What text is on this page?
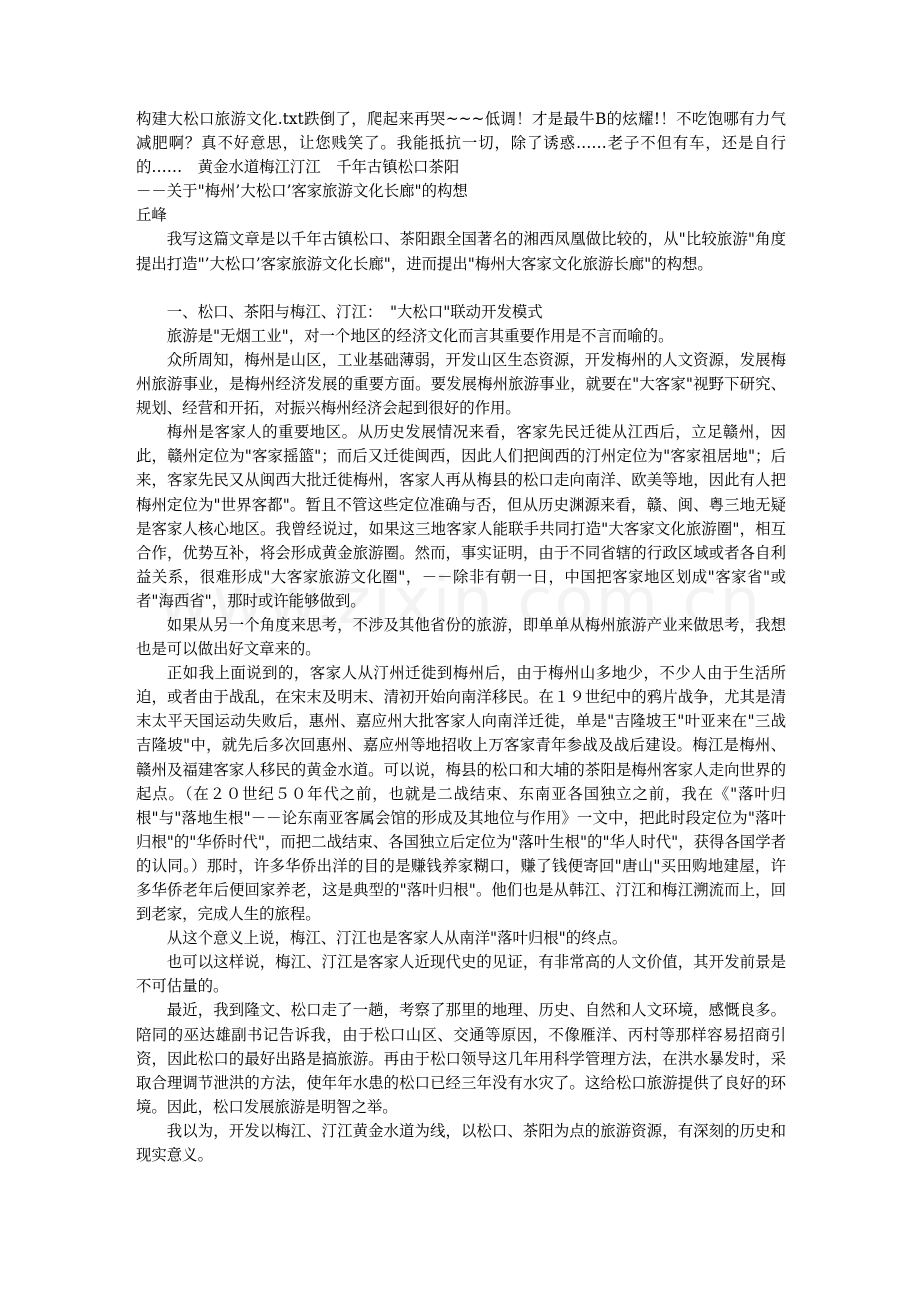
构建大松口旅游文化.txt跌倒了，爬起来再哭~~~低调！才是最牛B的炫耀!！不吃饱哪有力气减肥啊？真不好意思，让您贱笑了。我能抵抗一切，除了诱惑……老子不但有车，还是自行的……　黄金水道梅江汀江　千年古镇松口茶阳

－－关于"梅州’大松口’客家旅游文化长廊"的构想

丘峰

我写这篇文章是以千年古镇松口、茶阳跟全国著名的湘西凤凰做比较的，从"比较旅游"角度提出打造"’大松口’客家旅游文化长廊"，进而提出"梅州大客家文化旅游长廊"的构想。

一、松口、茶阳与梅江、汀江：　"大松口"联动开发模式

旅游是"无烟工业"，对一个地区的经济文化而言其重要作用是不言而喻的。

众所周知，梅州是山区，工业基础薄弱，开发山区生态资源，开发梅州的人文资源，发展梅州旅游事业，是梅州经济发展的重要方面。要发展梅州旅游事业，就要在"大客家"视野下研究、规划、经营和开拓，对振兴梅州经济会起到很好的作用。

梅州是客家人的重要地区。从历史发展情况来看，客家先民迁徙从江西后，立足赣州，因此，赣州定位为"客家摇篮"；而后又迁徙闽西，因此人们把闽西的汀州定位为"客家祖居地"；后来，客家先民又从闽西大批迁徙梅州，客家人再从梅县的松口走向南洋、欧美等地，因此有人把梅州定位为"世界客都"。暂且不管这些定位准确与否，但从历史渊源来看，赣、闽、粤三地无疑是客家人核心地区。我曾经说过，如果这三地客家人能联手共同打造"大客家文化旅游圈"，相互合作，优势互补，将会形成黄金旅游圈。然而，事实证明，由于不同省辖的行政区域或者各自利益关系，很难形成"大客家旅游文化圈"，－－除非有朝一日，中国把客家地区划成"客家省"或者"海西省"，那时或许能够做到。

如果从另一个角度来思考，不涉及其他省份的旅游，即单单从梅州旅游产业来做思考，我想也是可以做出好文章来的。

正如我上面说到的，客家人从汀州迁徙到梅州后，由于梅州山多地少，不少人由于生活所迫，或者由于战乱，在宋末及明末、清初开始向南洋移民。在１９世纪中的鸦片战争，尤其是清末太平天国运动失败后，惠州、嘉应州大批客家人向南洋迁徙，单是"吉隆坡王"叶亚来在"三战吉隆坡"中，就先后多次回惠州、嘉应州等地招收上万客家青年参战及战后建设。梅江是梅州、赣州及福建客家人移民的黄金水道。可以说，梅县的松口和大埔的茶阳是梅州客家人走向世界的起点。（在２０世纪５０年代之前，也就是二战结束、东南亚各国独立之前，我在《"落叶归根"与"落地生根"－－论东南亚客属会馆的形成及其地位与作用》一文中，把此时段定位为"落叶归根"的"华侨时代"，而把二战结束、各国独立后定位为"落叶生根"的"华人时代"，获得各国学者的认同。）那时，许多华侨出洋的目的是赚钱养家糊口，赚了钱便寄回"唐山"买田购地建屋，许多华侨老年后便回家养老，这是典型的"落叶归根"。他们也是从韩江、汀江和梅江溯流而上，回到老家，完成人生的旅程。

从这个意义上说，梅江、汀江也是客家人从南洋"落叶归根"的终点。

也可以这样说，梅江、汀江是客家人近现代史的见证，有非常高的人文价值，其开发前景是不可估量的。

最近，我到隆文、松口走了一趟，考察了那里的地理、历史、自然和人文环境，感慨良多。陪同的巫达雄副书记告诉我，由于松口山区、交通等原因，不像雁洋、丙村等那样容易招商引资，因此松口的最好出路是搞旅游。再由于松口领导这几年用科学管理方法，在洪水暴发时，采取合理调节泄洪的方法，使年年水患的松口已经三年没有水灾了。这给松口旅游提供了良好的环境。因此，松口发展旅游是明智之举。

我以为，开发以梅江、汀江黄金水道为线，以松口、茶阳为点的旅游资源，有深刻的历史和现实意义。
